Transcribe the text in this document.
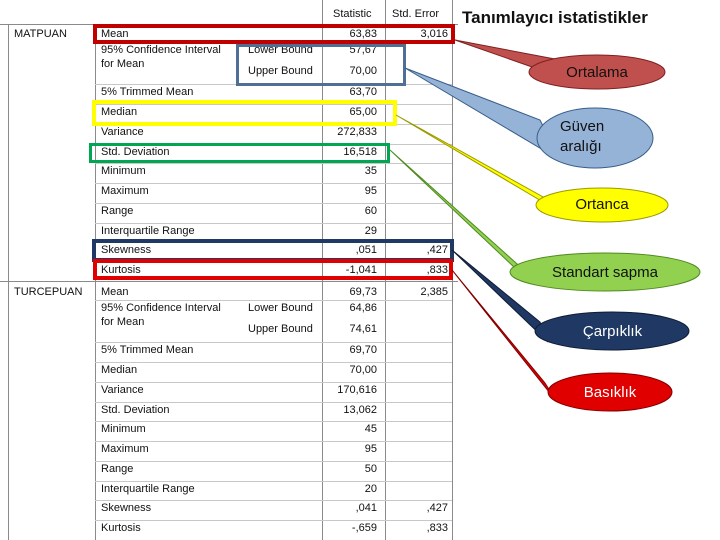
Statistic Std. Error
MATPUAN	Mean	63,83	3,016
95% Confidence Interval
for Mean
Lower Bound	57,67
Upper Bound	70,00
5% Trimmed Mean	63,70
Median	65,00
Variance	272,833
Std. Deviation	16,518
Minimum	35
Maximum	95
Range	60
Interquartile Range	29
Skewness	,051	,427
Kurtosis	-1,041	,833
TURCEPUAN Mean	69,73	2,385
95% Confidence Interval
for Mean
Lower Bound	64,86
Upper Bound	74,61
5% Trimmed Mean	69,70
Median	70,00
Variance	170,616
Std. Deviation	13,062
Minimum	45
Maximum	95
Range	50
Interquartile Range	20
Skewness	,041	,427
Kurtosis	-,659	,833
Tanımlayıcı istatistikler
Ortalama
Güven
aralığı
Ortanca
Standart sapma
Çarpıklık
Basıklık
